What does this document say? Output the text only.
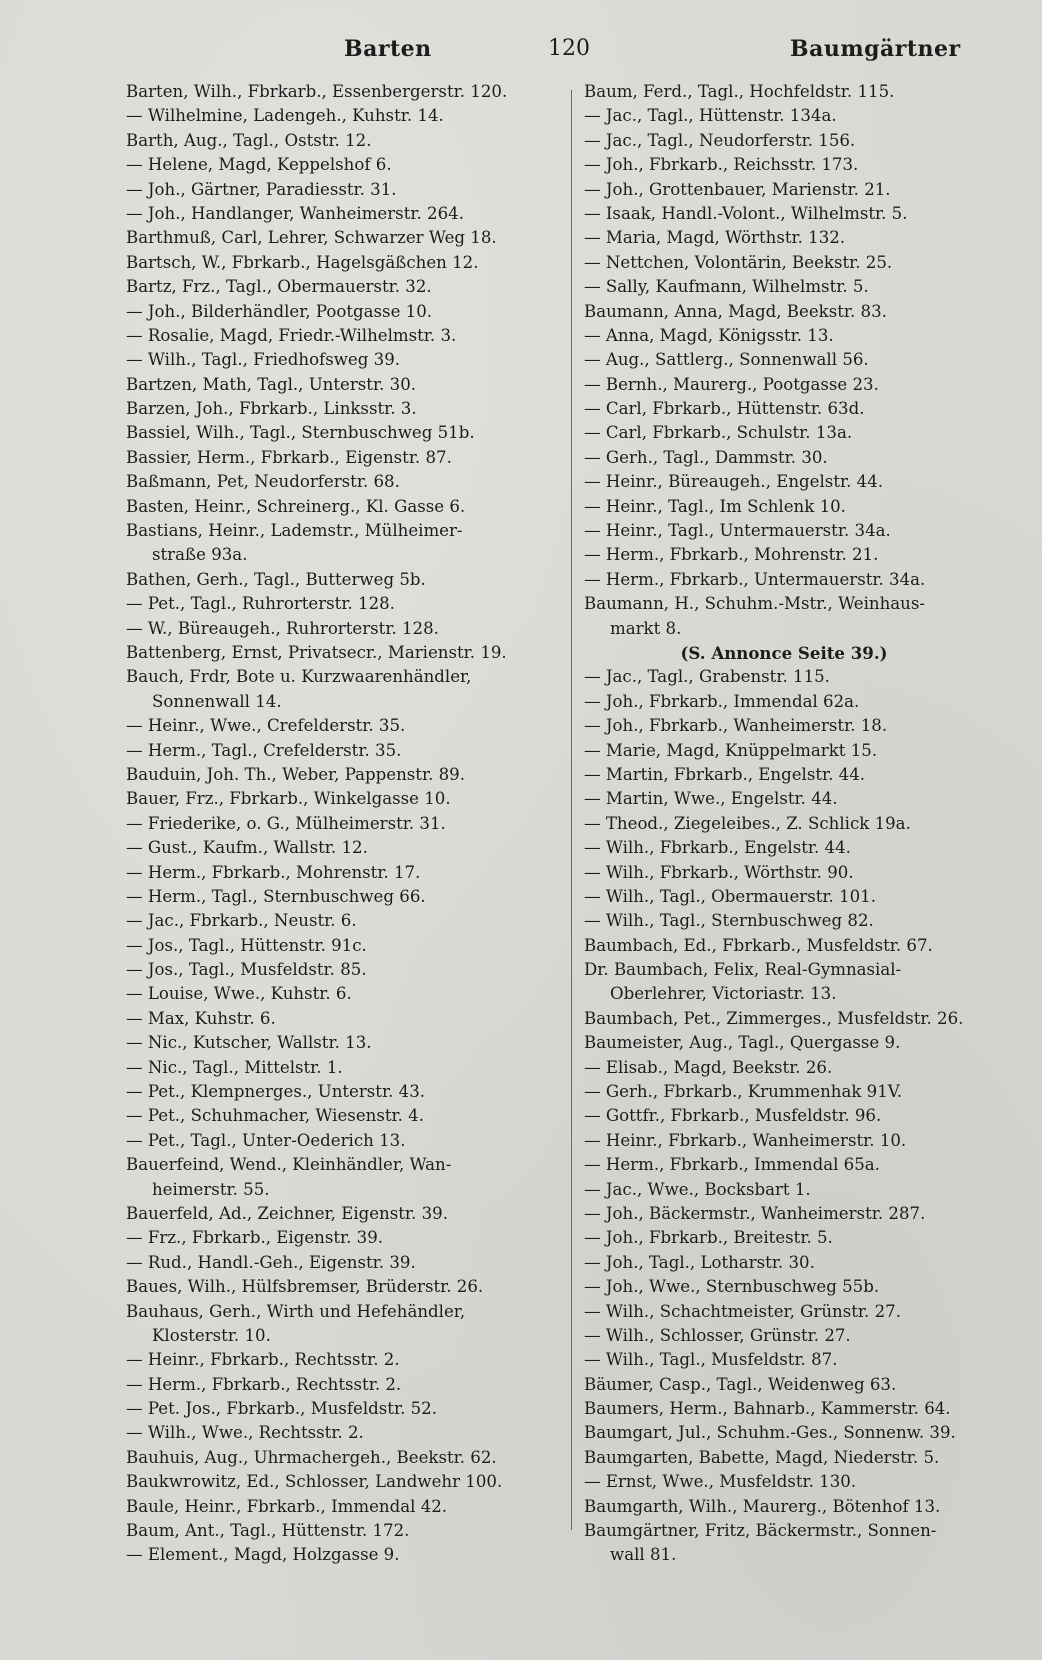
Barten	120	Baumgärtner
Barten, Wilh., Fbrkarb., Essenbergerstr. 120.
— Wilhelmine, Ladengeh., Kuhstr. 14.
Barth, Aug., Tagl., Oststr. 12.
— Helene, Magd, Keppelshof 6.
— Joh., Gärtner, Paradiesstr. 31.
— Joh., Handlanger, Wanheimerstr. 264.
Barthmuß, Carl, Lehrer, Schwarzer Weg 18.
Bartsch, W., Fbrkarb., Hagelsgäßchen 12.
Bartz, Frz., Tagl., Obermauerstr. 32.
— Joh., Bilderhändler, Pootgasse 10.
— Rosalie, Magd, Friedr.-Wilhelmstr. 3.
— Wilh., Tagl., Friedhofsweg 39.
Bartzen, Math, Tagl., Unterstr. 30.
Barzen, Joh., Fbrkarb., Linksstr. 3.
Bassiel, Wilh., Tagl., Sternbuschweg 51b.
Bassier, Herm., Fbrkarb., Eigenstr. 87.
Baßmann, Pet, Neudorferstr. 68.
Basten, Heinr., Schreinerg., Kl. Gasse 6.
Bastians, Heinr., Lademstr., Mülheimer-
straße 93a.
Bathen, Gerh., Tagl., Butterweg 5b.
— Pet., Tagl., Ruhrorterstr. 128.
— W., Büreaugeh., Ruhrorterstr. 128.
Battenberg, Ernst, Privatsecr., Marienstr. 19.
Bauch, Frdr, Bote u. Kurzwaarenhändler,
Sonnenwall 14.
— Heinr., Wwe., Crefelderstr. 35.
— Herm., Tagl., Crefelderstr. 35.
Bauduin, Joh. Th., Weber, Pappenstr. 89.
Bauer, Frz., Fbrkarb., Winkelgasse 10.
— Friederike, o. G., Mülheimerstr. 31.
— Gust., Kaufm., Wallstr. 12.
— Herm., Fbrkarb., Mohrenstr. 17.
— Herm., Tagl., Sternbuschweg 66.
— Jac., Fbrkarb., Neustr. 6.
— Jos., Tagl., Hüttenstr. 91c.
— Jos., Tagl., Musfeldstr. 85.
— Louise, Wwe., Kuhstr. 6.
— Max, Kuhstr. 6.
— Nic., Kutscher, Wallstr. 13.
— Nic., Tagl., Mittelstr. 1.
— Pet., Klempnerges., Unterstr. 43.
— Pet., Schuhmacher, Wiesenstr. 4.
— Pet., Tagl., Unter-Oederich 13.
Bauerfeind, Wend., Kleinhändler, Wan-
heimerstr. 55.
Bauerfeld, Ad., Zeichner, Eigenstr. 39.
— Frz., Fbrkarb., Eigenstr. 39.
— Rud., Handl.-Geh., Eigenstr. 39.
Baues, Wilh., Hülfsbremser, Brüderstr. 26.
Bauhaus, Gerh., Wirth und Hefehändler,
Klosterstr. 10.
— Heinr., Fbrkarb., Rechtsstr. 2.
— Herm., Fbrkarb., Rechtsstr. 2.
— Pet. Jos., Fbrkarb., Musfeldstr. 52.
— Wilh., Wwe., Rechtsstr. 2.
Bauhuis, Aug., Uhrmachergeh., Beekstr. 62.
Baukwrowitz, Ed., Schlosser, Landwehr 100.
Baule, Heinr., Fbrkarb., Immendal 42.
Baum, Ant., Tagl., Hüttenstr. 172.
— Element., Magd, Holzgasse 9.
Baum, Ferd., Tagl., Hochfeldstr. 115.
— Jac., Tagl., Hüttenstr. 134a.
— Jac., Tagl., Neudorferstr. 156.
— Joh., Fbrkarb., Reichsstr. 173.
— Joh., Grottenbauer, Marienstr. 21.
— Isaak, Handl.-Volont., Wilhelmstr. 5.
— Maria, Magd, Wörthstr. 132.
— Nettchen, Volontärin, Beekstr. 25.
— Sally, Kaufmann, Wilhelmstr. 5.
Baumann, Anna, Magd, Beekstr. 83.
— Anna, Magd, Königsstr. 13.
— Aug., Sattlerg., Sonnenwall 56.
— Bernh., Maurerg., Pootgasse 23.
— Carl, Fbrkarb., Hüttenstr. 63d.
— Carl, Fbrkarb., Schulstr. 13a.
— Gerh., Tagl., Dammstr. 30.
— Heinr., Büreaugeh., Engelstr. 44.
— Heinr., Tagl., Im Schlenk 10.
— Heinr., Tagl., Untermauerstr. 34a.
— Herm., Fbrkarb., Mohrenstr. 21.
— Herm., Fbrkarb., Untermauerstr. 34a.
Baumann, H., Schuhm.-Mstr., Weinhaus-
markt 8.
(S. Annonce Seite 39.)
— Jac., Tagl., Grabenstr. 115.
— Joh., Fbrkarb., Immendal 62a.
— Joh., Fbrkarb., Wanheimerstr. 18.
— Marie, Magd, Knüppelmarkt 15.
— Martin, Fbrkarb., Engelstr. 44.
— Martin, Wwe., Engelstr. 44.
— Theod., Ziegeleibes., Z. Schlick 19a.
— Wilh., Fbrkarb., Engelstr. 44.
— Wilh., Fbrkarb., Wörthstr. 90.
— Wilh., Tagl., Obermauerstr. 101.
— Wilh., Tagl., Sternbuschweg 82.
Baumbach, Ed., Fbrkarb., Musfeldstr. 67.
Dr. Baumbach, Felix, Real-Gymnasial-
Oberlehrer, Victoriastr. 13.
Baumbach, Pet., Zimmerges., Musfeldstr. 26.
Baumeister, Aug., Tagl., Quergasse 9.
— Elisab., Magd, Beekstr. 26.
— Gerh., Fbrkarb., Krummenhak 91V.
— Gottfr., Fbrkarb., Musfeldstr. 96.
— Heinr., Fbrkarb., Wanheimerstr. 10.
— Herm., Fbrkarb., Immendal 65a.
— Jac., Wwe., Bocksbart 1.
— Joh., Bäckermstr., Wanheimerstr. 287.
— Joh., Fbrkarb., Breitestr. 5.
— Joh., Tagl., Lotharstr. 30.
— Joh., Wwe., Sternbuschweg 55b.
— Wilh., Schachtmeister, Grünstr. 27.
— Wilh., Schlosser, Grünstr. 27.
— Wilh., Tagl., Musfeldstr. 87.
Bäumer, Casp., Tagl., Weidenweg 63.
Baumers, Herm., Bahnarb., Kammerstr. 64.
Baumgart, Jul., Schuhm.-Ges., Sonnenw. 39.
Baumgarten, Babette, Magd, Niederstr. 5.
— Ernst, Wwe., Musfeldstr. 130.
Baumgarth, Wilh., Maurerg., Bötenhof 13.
Baumgärtner, Fritz, Bäckermstr., Sonnen-
wall 81.
